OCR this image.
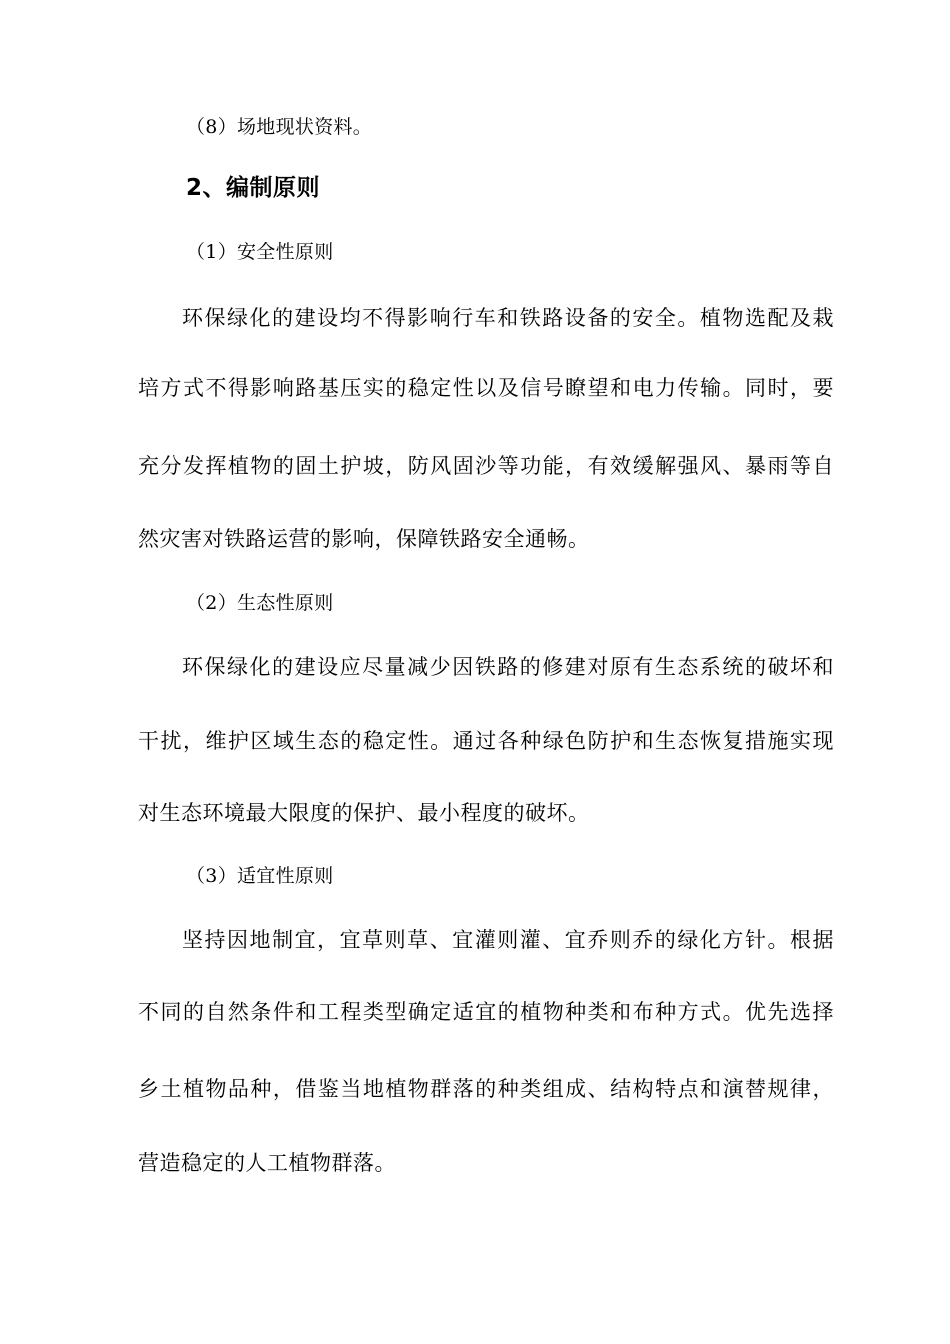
（8）场地现状资料。
2、编制原则
（1）安全性原则
环保绿化的建设均不得影响行车和铁路设备的安全。植物选配及栽
培方式不得影响路基压实的稳定性以及信号瞭望和电力传输。同时，要
充分发挥植物的固土护坡，防风固沙等功能，有效缓解强风、暴雨等自
然灾害对铁路运营的影响，保障铁路安全通畅。
（2）生态性原则
环保绿化的建设应尽量减少因铁路的修建对原有生态系统的破坏和
干扰，维护区域生态的稳定性。通过各种绿色防护和生态恢复措施实现
对生态环境最大限度的保护、最小程度的破坏。
（3）适宜性原则
坚持因地制宜，宜草则草、宜灌则灌、宜乔则乔的绿化方针。根据
不同的自然条件和工程类型确定适宜的植物种类和布种方式。优先选择
乡土植物品种，借鉴当地植物群落的种类组成、结构特点和演替规律，
营造稳定的人工植物群落。
